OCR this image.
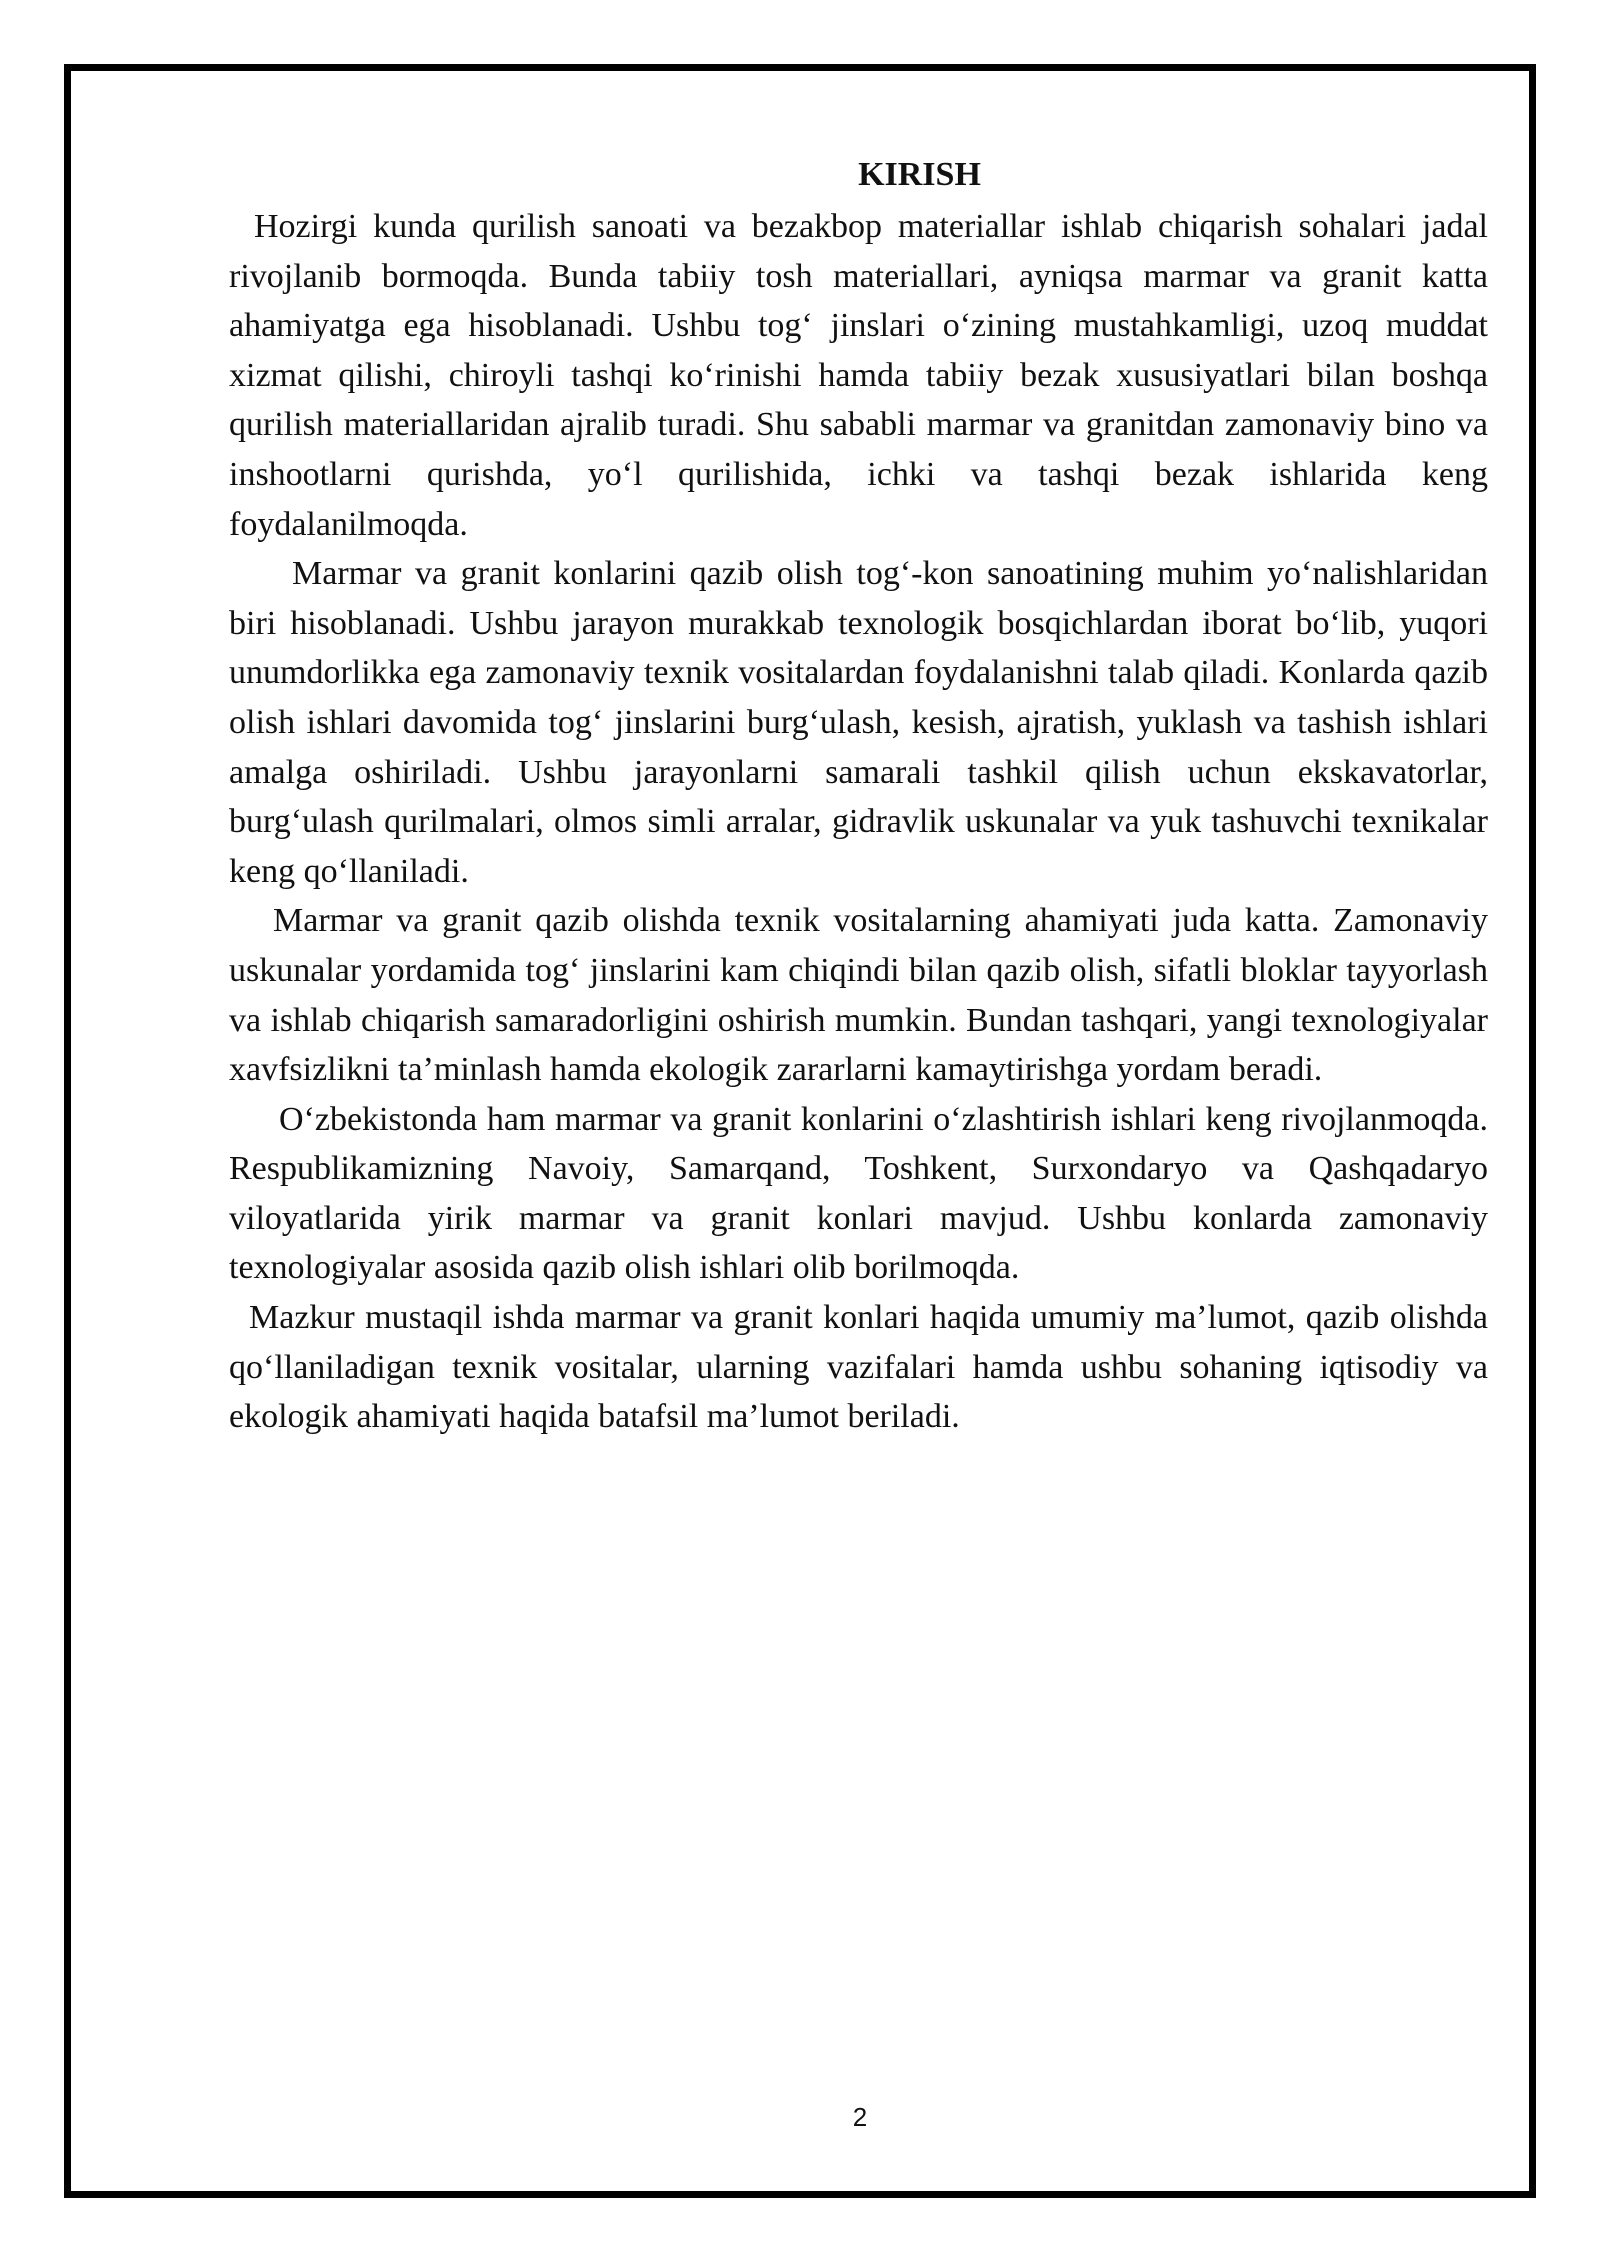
KIRISH

Hozirgi kunda qurilish sanoati va bezakbop materiallar ishlab chiqarish sohalari jadal rivojlanib bormoqda. Bunda tabiiy tosh materiallari, ayniqsa marmar va granit katta ahamiyatga ega hisoblanadi. Ushbu tog‘ jinslari o‘zining mustahkamligi, uzoq muddat xizmat qilishi, chiroyli tashqi ko‘rinishi hamda tabiiy bezak xususiyatlari bilan boshqa qurilish materiallaridan ajralib turadi. Shu sababli marmar va granitdan zamonaviy bino va inshootlarni qurishda, yo‘l qurilishida, ichki va tashqi bezak ishlarida keng foydalanilmoqda.

Marmar va granit konlarini qazib olish tog‘-kon sanoatining muhim yo‘nalishlaridan biri hisoblanadi. Ushbu jarayon murakkab texnologik bosqichlardan iborat bo‘lib, yuqori unumdorlikka ega zamonaviy texnik vositalardan foydalanishni talab qiladi. Konlarda qazib olish ishlari davomida tog‘ jinslarini burg‘ulash, kesish, ajratish, yuklash va tashish ishlari amalga oshiriladi. Ushbu jarayonlarni samarali tashkil qilish uchun ekskavatorlar, burg‘ulash qurilmalari, olmos simli arralar, gidravlik uskunalar va yuk tashuvchi texnikalar keng qo‘llaniladi.

Marmar va granit qazib olishda texnik vositalarning ahamiyati juda katta. Zamonaviy uskunalar yordamida tog‘ jinslarini kam chiqindi bilan qazib olish, sifatli bloklar tayyorlash va ishlab chiqarish samaradorligini oshirish mumkin. Bundan tashqari, yangi texnologiyalar xavfsizlikni ta’minlash hamda ekologik zararlarni kamaytirishga yordam beradi.

O‘zbekistonda ham marmar va granit konlarini o‘zlashtirish ishlari keng rivojlanmoqda. Respublikamizning Navoiy, Samarqand, Toshkent, Surxondaryo va Qashqadaryo viloyatlarida yirik marmar va granit konlari mavjud. Ushbu konlarda zamonaviy texnologiyalar asosida qazib olish ishlari olib borilmoqda.

Mazkur mustaqil ishda marmar va granit konlari haqida umumiy ma’lumot, qazib olishda qo‘llaniladigan texnik vositalar, ularning vazifalari hamda ushbu sohaning iqtisodiy va ekologik ahamiyati haqida batafsil ma’lumot beriladi.

2
